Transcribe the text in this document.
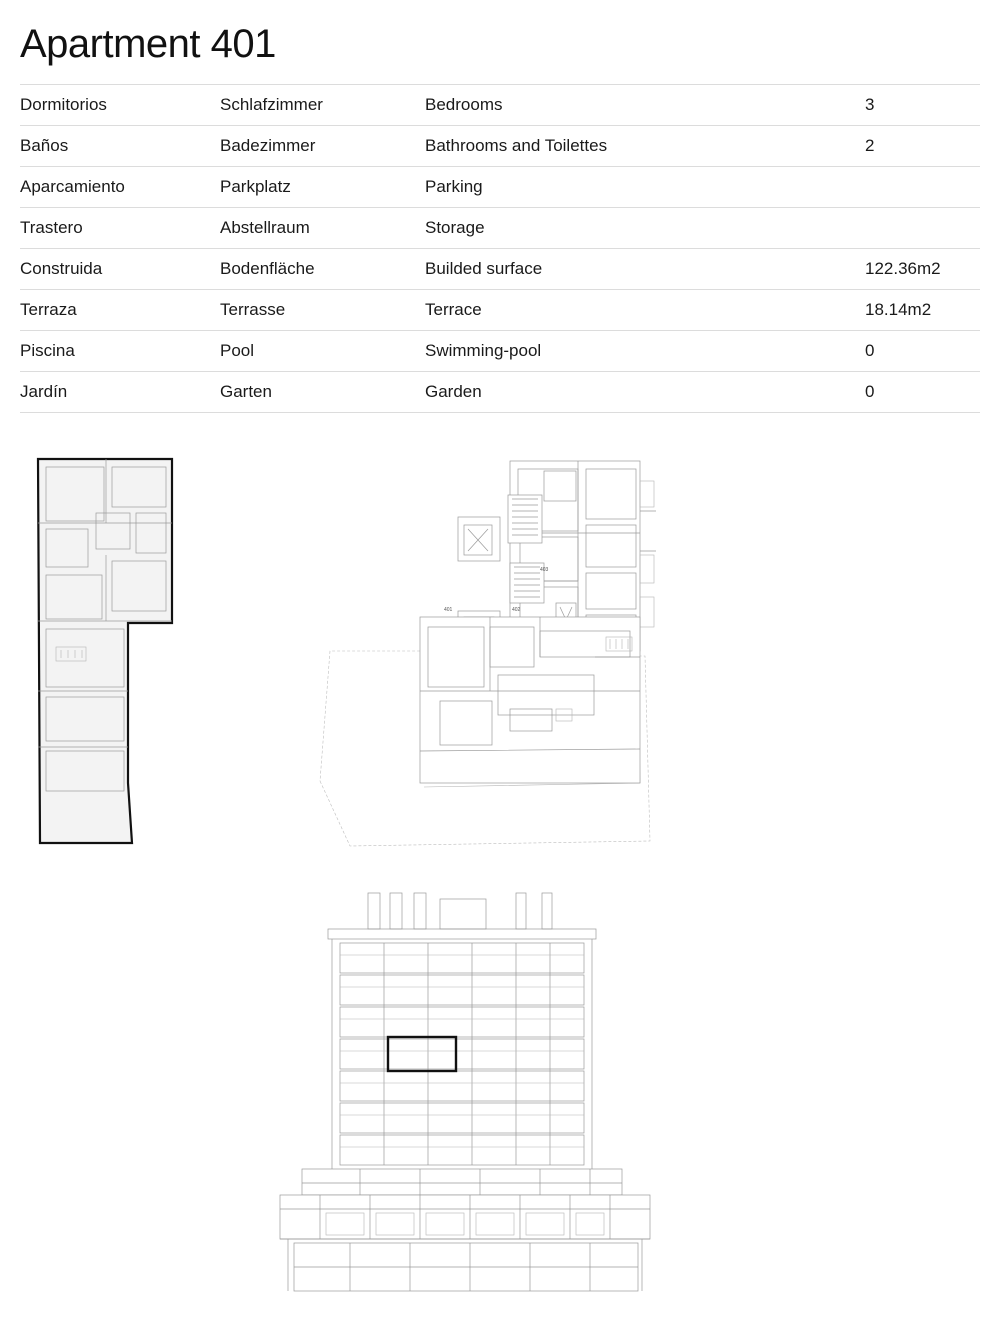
Apartment 401
Dormitorios	Schlafzimmer	Bedrooms	3
Baños	Badezimmer	Bathrooms and Toilettes	2
Aparcamiento	Parkplatz	Parking	
Trastero	Abstellraum	Storage	
Construida	Bodenfläche	Builded surface	122.36m2
Terraza	Terrasse	Terrace	18.14m2
Piscina	Pool	Swimming-pool	0
Jardín	Garten	Garden	0
401	402
403
